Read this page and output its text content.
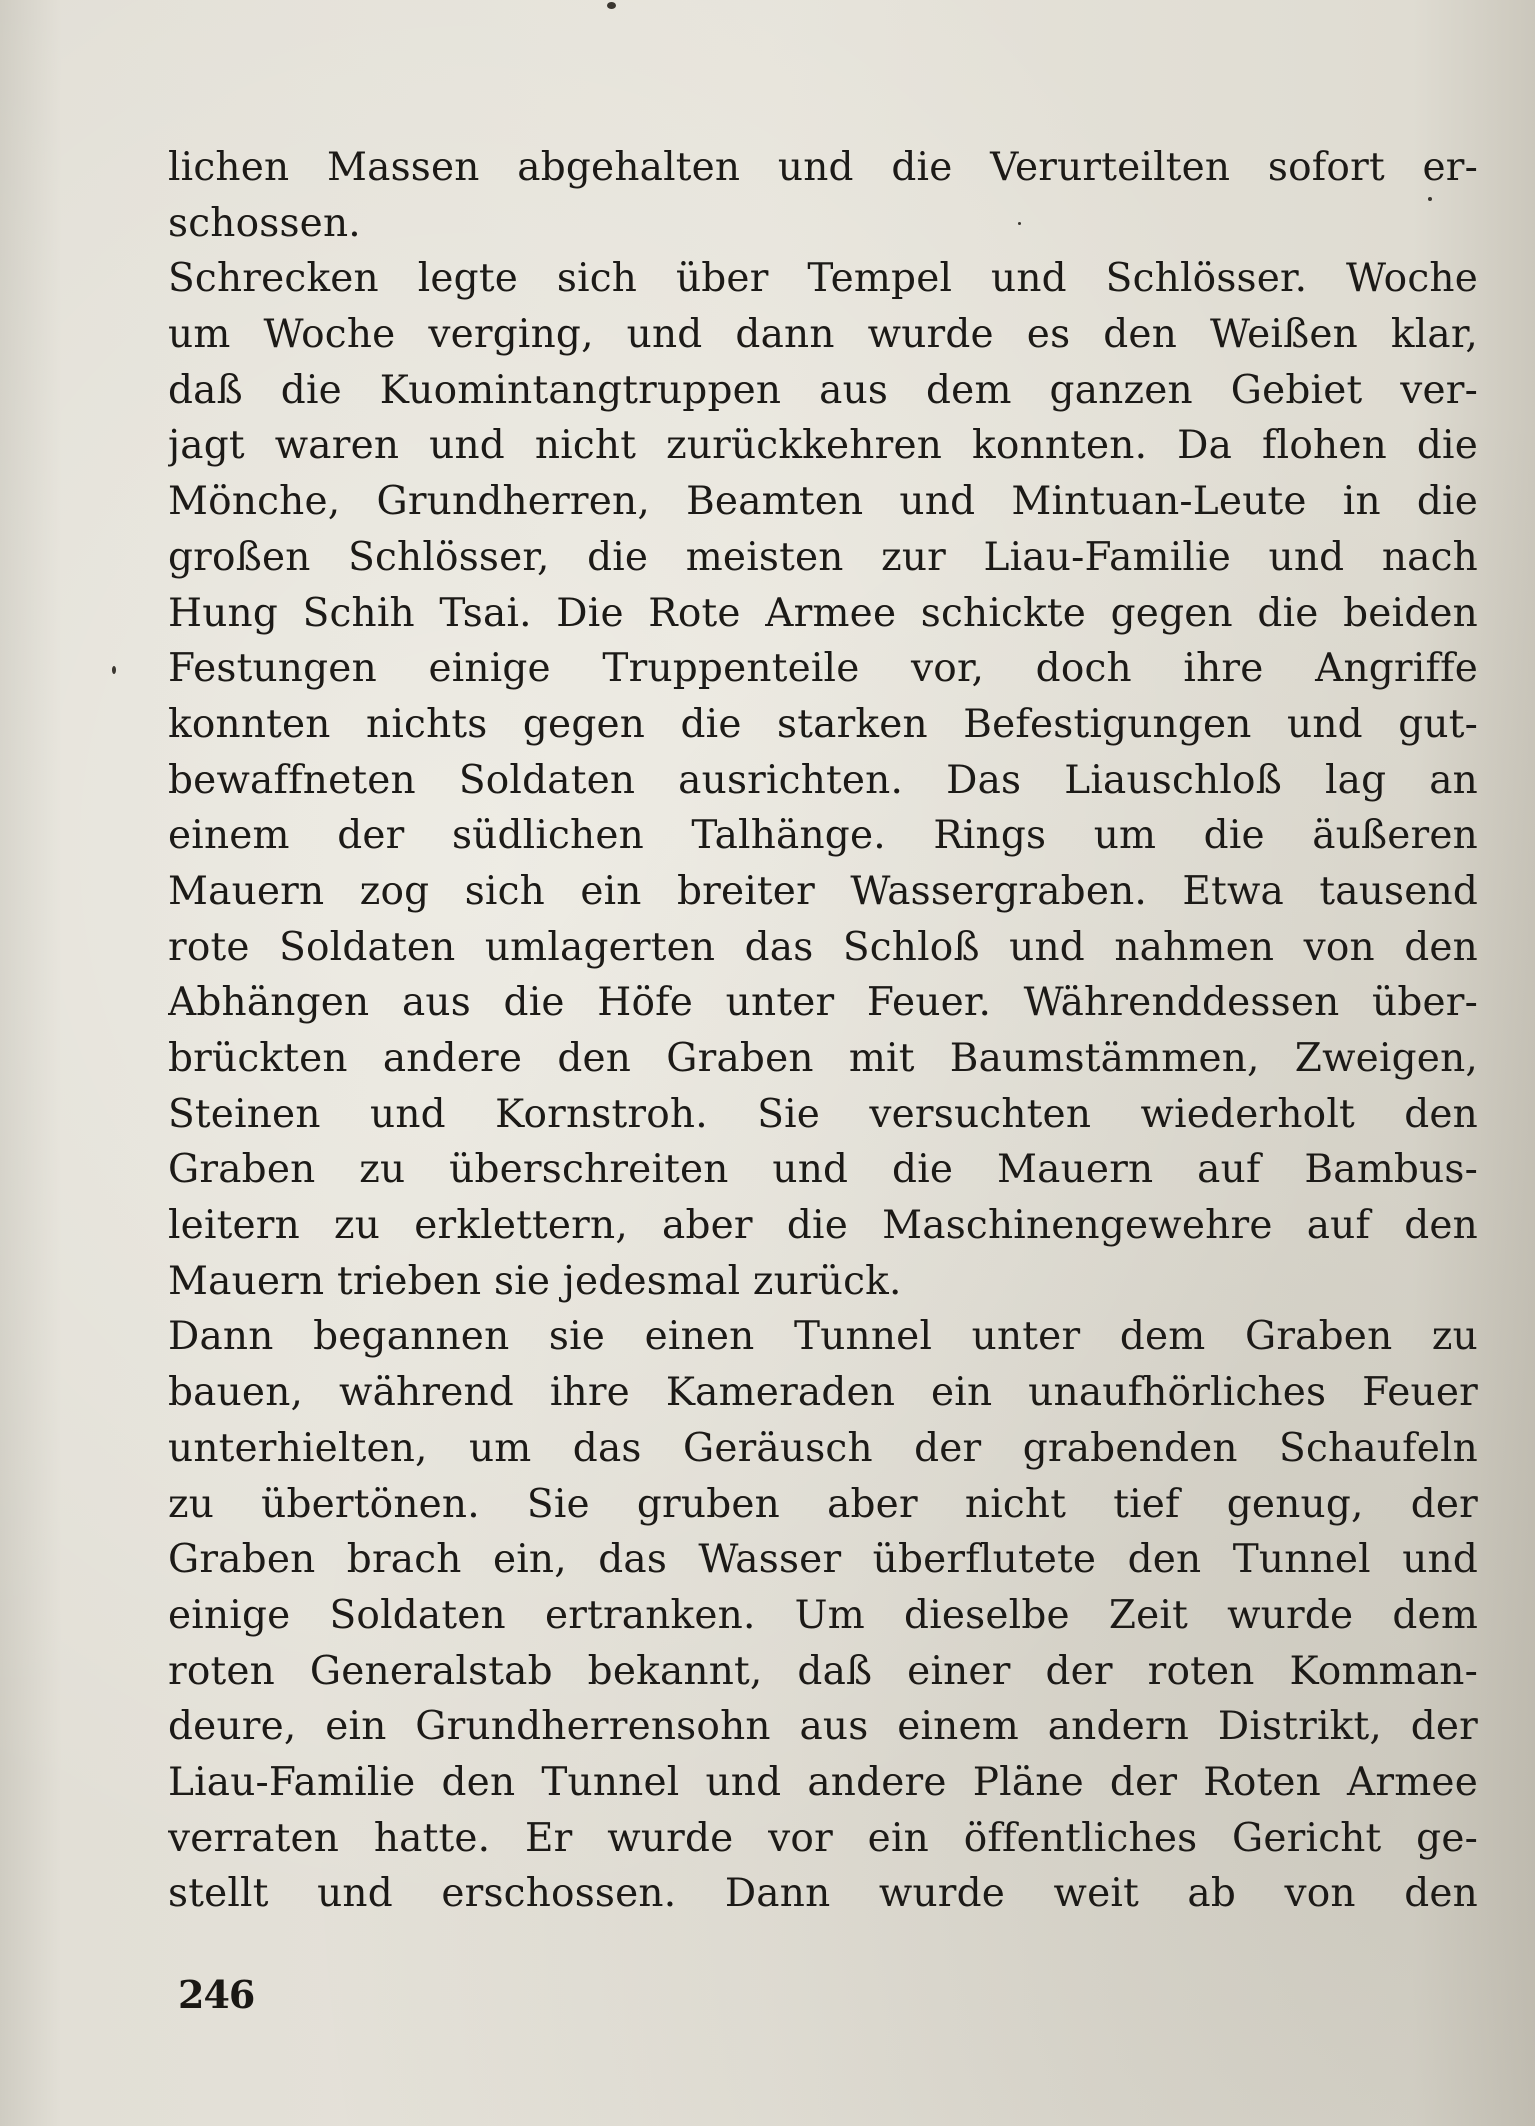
lichen Massen abgehalten und die Verurteilten sofort er-
schossen.
Schrecken legte sich über Tempel und Schlösser. Woche
um Woche verging, und dann wurde es den Weißen klar,
daß die Kuomintangtruppen aus dem ganzen Gebiet ver-
jagt waren und nicht zurückkehren konnten. Da flohen die
Mönche, Grundherren, Beamten und Mintuan-Leute in die
großen Schlösser, die meisten zur Liau-Familie und nach
Hung Schih Tsai. Die Rote Armee schickte gegen die beiden
Festungen einige Truppenteile vor, doch ihre Angriffe
konnten nichts gegen die starken Befestigungen und gut-
bewaffneten Soldaten ausrichten. Das Liauschloß lag an
einem der südlichen Talhänge. Rings um die äußeren
Mauern zog sich ein breiter Wassergraben. Etwa tausend
rote Soldaten umlagerten das Schloß und nahmen von den
Abhängen aus die Höfe unter Feuer. Währenddessen über-
brückten andere den Graben mit Baumstämmen, Zweigen,
Steinen und Kornstroh. Sie versuchten wiederholt den
Graben zu überschreiten und die Mauern auf Bambus-
leitern zu erklettern, aber die Maschinengewehre auf den
Mauern trieben sie jedesmal zurück.
Dann begannen sie einen Tunnel unter dem Graben zu
bauen, während ihre Kameraden ein unaufhörliches Feuer
unterhielten, um das Geräusch der grabenden Schaufeln
zu übertönen. Sie gruben aber nicht tief genug, der
Graben brach ein, das Wasser überflutete den Tunnel und
einige Soldaten ertranken. Um dieselbe Zeit wurde dem
roten Generalstab bekannt, daß einer der roten Komman-
deure, ein Grundherrensohn aus einem andern Distrikt, der
Liau-Familie den Tunnel und andere Pläne der Roten Armee
verraten hatte. Er wurde vor ein öffentliches Gericht ge-
stellt und erschossen. Dann wurde weit ab von den
246
